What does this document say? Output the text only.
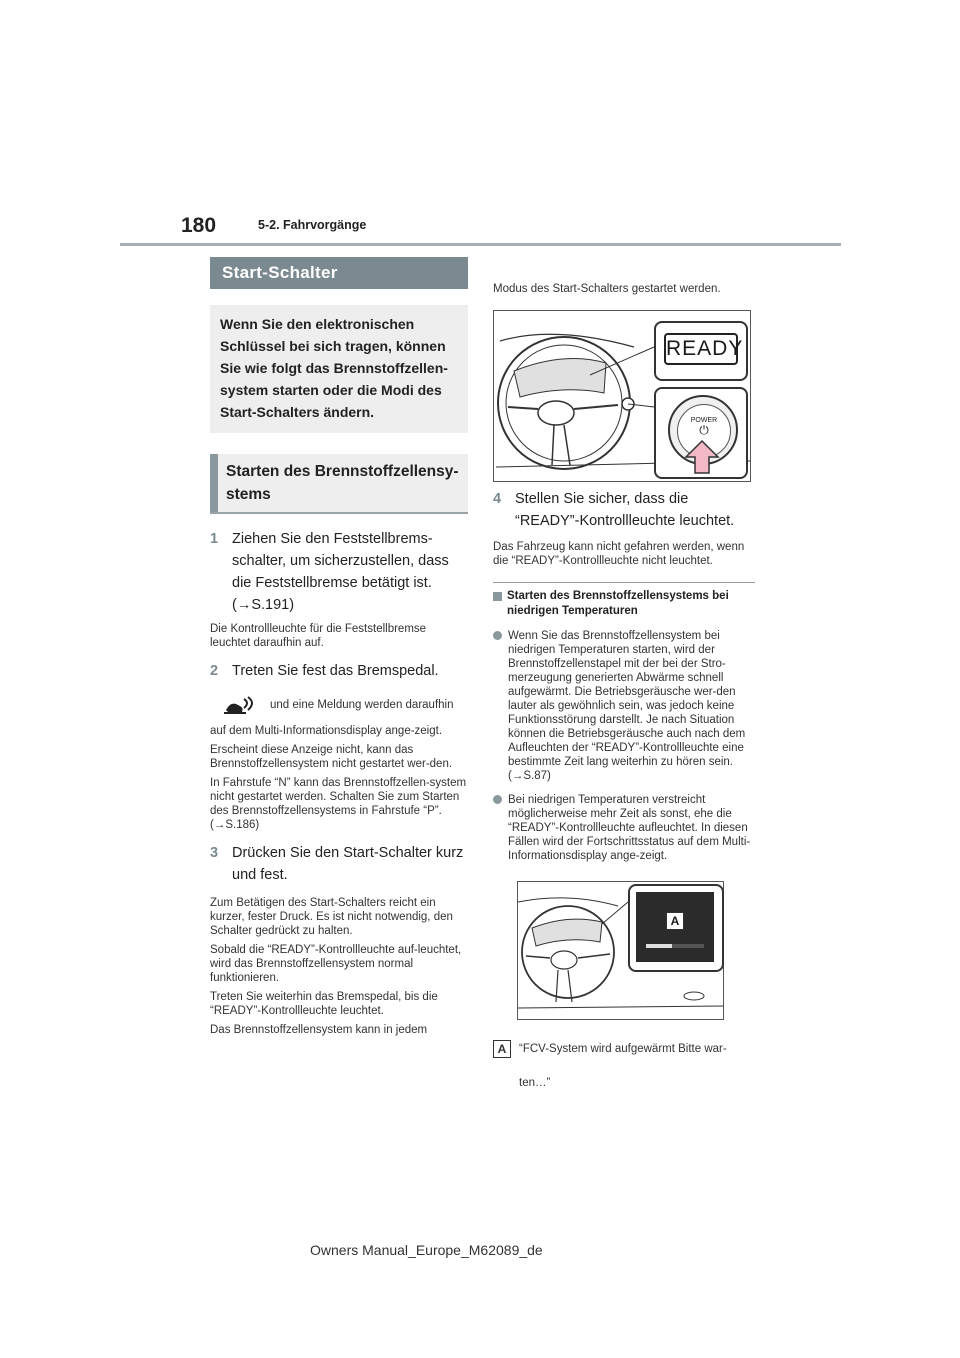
180	5-2. Fahrvorgänge
Start-Schalter
Wenn Sie den elektronischen Schlüssel bei sich tragen, können Sie wie folgt das Brennstoffzellen-system starten oder die Modi des Start-Schalters ändern.
Starten des Brennstoffzellensy-stems
1 Ziehen Sie den Feststellbrems-schalter, um sicherzustellen, dass die Feststellbremse betätigt ist. (→S.191)

Die Kontrollleuchte für die Feststellbremse leuchtet daraufhin auf.

2 Treten Sie fest das Bremspedal.
und eine Meldung werden daraufhin

auf dem Multi-Informationsdisplay ange-zeigt.

Erscheint diese Anzeige nicht, kann das Brennstoffzellensystem nicht gestartet wer-den.

In Fahrstufe “N” kann das Brennstoffzellen-system nicht gestartet werden. Schalten Sie zum Starten des Brennstoffzellensystems in Fahrstufe “P”. (→S.186)

3 Drücken Sie den Start-Schalter kurz und fest.

Zum Betätigen des Start-Schalters reicht ein kurzer, fester Druck. Es ist nicht notwendig, den Schalter gedrückt zu halten.

Sobald die “READY”-Kontrollleuchte auf-leuchtet, wird das Brennstoffzellensystem normal funktionieren.

Treten Sie weiterhin das Bremspedal, bis die “READY”-Kontrollleuchte leuchtet.

Das Brennstoffzellensystem kann in jedem

Modus des Start-Schalters gestartet werden.
READY
POWER
⏻
4 Stellen Sie sicher, dass die “READY”-Kontrollleuchte leuchtet.
Das Fahrzeug kann nicht gefahren werden, wenn die “READY”-Kontrollleuchte nicht leuchtet.
Starten des Brennstoffzellensystems bei niedrigen Temperaturen
Wenn Sie das Brennstoffzellensystem bei niedrigen Temperaturen starten, wird der Brennstoffzellenstapel mit der bei der Stro-merzeugung generierten Abwärme schnell aufgewärmt. Die Betriebsgeräusche wer-den lauter als gewöhnlich sein, was jedoch keine Funktionsstörung darstellt. Je nach Situation können die Betriebsgeräusche auch nach dem Aufleuchten der “READY”-Kontrollleuchte eine bestimmte Zeit lang weiterhin zu hören sein. (→S.87)
Bei niedrigen Temperaturen verstreicht möglicherweise mehr Zeit als sonst, ehe die “READY”-Kontrollleuchte aufleuchtet. In diesen Fällen wird der Fortschrittsstatus auf dem Multi-Informationsdisplay ange-zeigt.
A
A	“FCV-System wird aufgewärmt Bitte war-ten…”
Owners Manual_Europe_M62089_de
